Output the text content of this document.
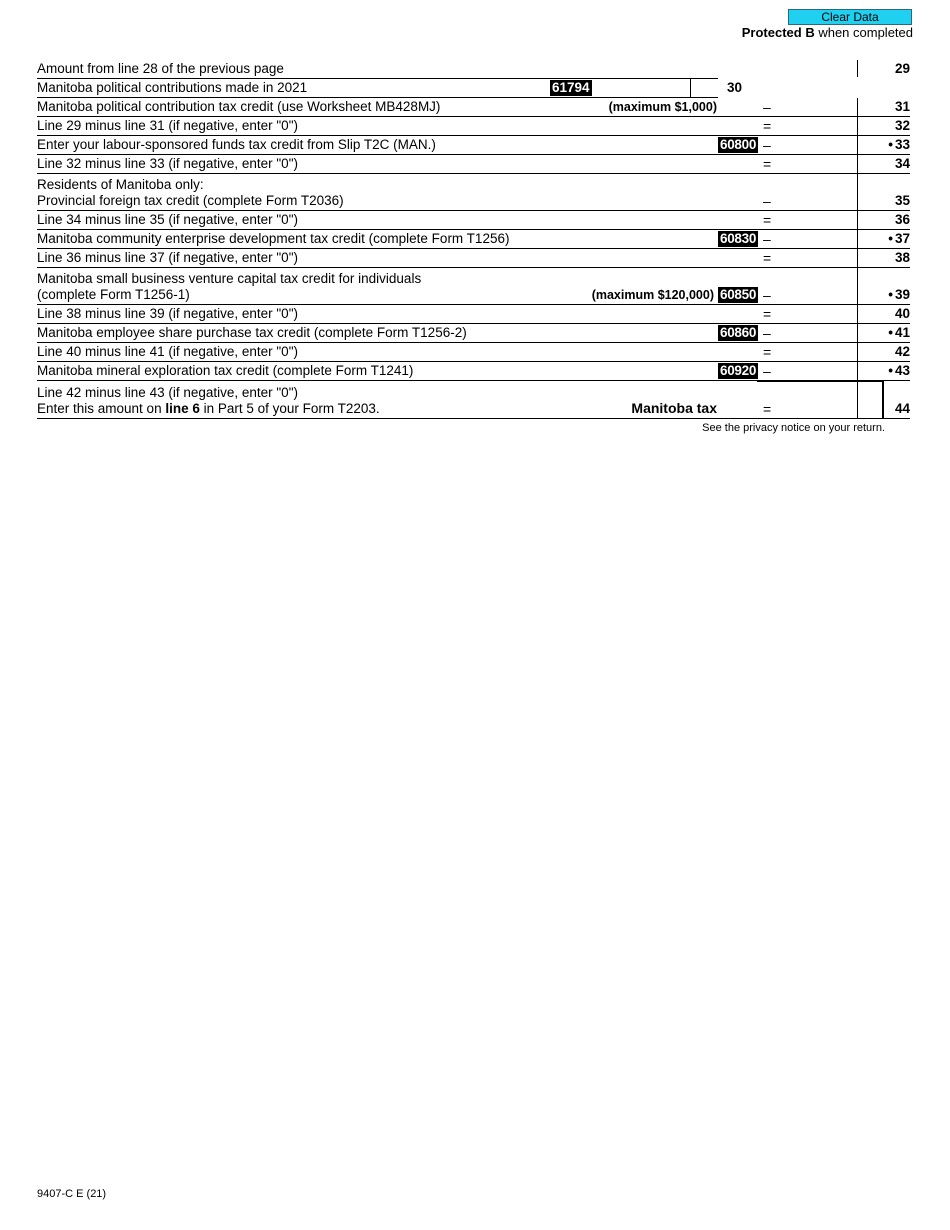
Clear Data
Protected B when completed
Amount from line 28 of the previous page	29
Manitoba political contributions made in 2021	61794	30
Manitoba political contribution tax credit (use Worksheet MB428MJ)	(maximum $1,000)	–	31
Line 29 minus line 31 (if negative, enter "0")	=	32
Enter your labour-sponsored funds tax credit from Slip T2C (MAN.)	60800 –	• 33
Line 32 minus line 33 (if negative, enter "0")	=	34
Residents of Manitoba only:
Provincial foreign tax credit (complete Form T2036)	–	35
Line 34 minus line 35 (if negative, enter "0")	=	36
Manitoba community enterprise development tax credit (complete Form T1256)	60830 –	• 37
Line 36 minus line 37 (if negative, enter "0")	=	38
Manitoba small business venture capital tax credit for individuals
(complete Form T1256-1)	(maximum $120,000) 60850 –	• 39
Line 38 minus line 39 (if negative, enter "0")	=	40
Manitoba employee share purchase tax credit (complete Form T1256-2)	60860 –	• 41
Line 40 minus line 41 (if negative, enter "0")	=	42
Manitoba mineral exploration tax credit (complete Form T1241)	60920 –	• 43
Line 42 minus line 43 (if negative, enter "0")
Enter this amount on line 6 in Part 5 of your Form T2203.	Manitoba tax	=	44
See the privacy notice on your return.
9407-C E (21)
